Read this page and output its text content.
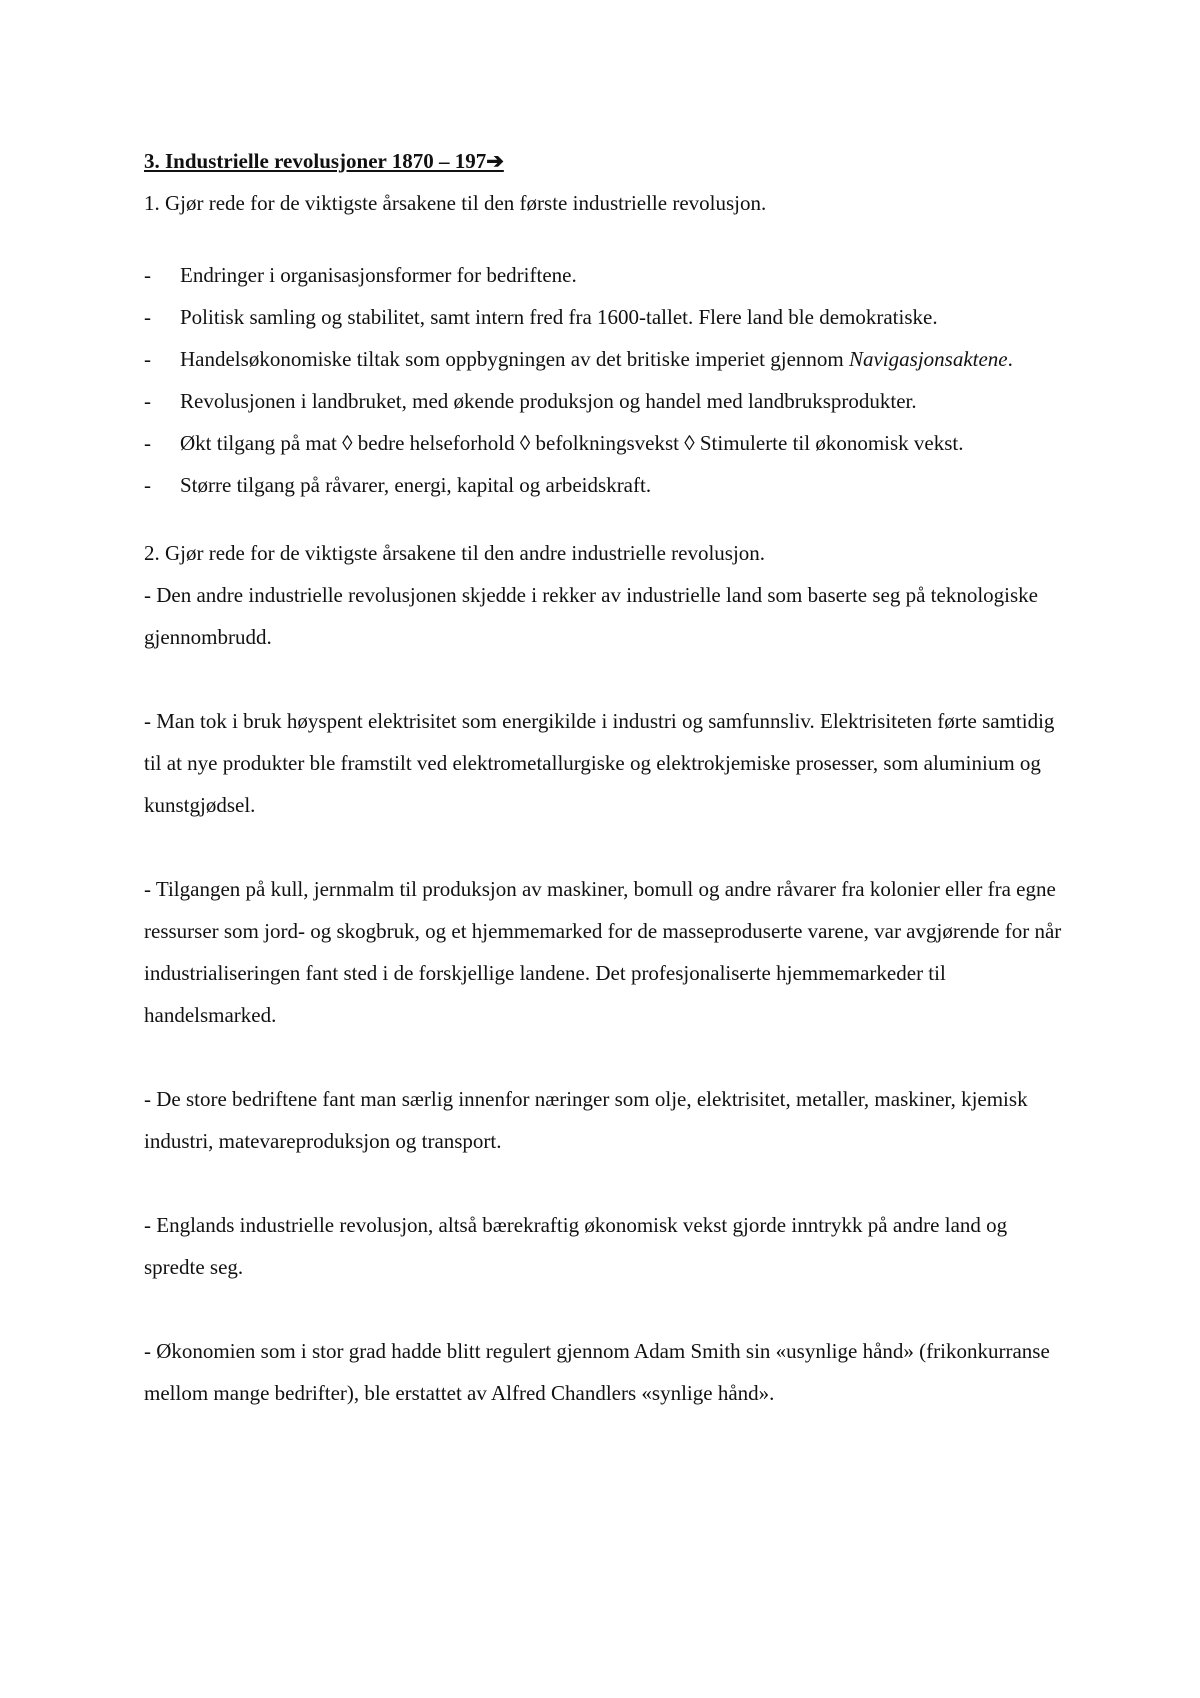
3. Industrielle revolusjoner 1870 – 197➔

1. Gjør rede for de viktigste årsakene til den første industrielle revolusjon.

- Endringer i organisasjonsformer for bedriftene.
- Politisk samling og stabilitet, samt intern fred fra 1600-tallet. Flere land ble demokratiske.
- Handelsøkonomiske tiltak som oppbygningen av det britiske imperiet gjennom Navigasjonsaktene.
- Revolusjonen i landbruket, med økende produksjon og handel med landbruksprodukter.
- Økt tilgang på mat ◊ bedre helseforhold ◊ befolkningsvekst ◊ Stimulerte til økonomisk vekst.
- Større tilgang på råvarer, energi, kapital og arbeidskraft.

2. Gjør rede for de viktigste årsakene til den andre industrielle revolusjon.

- Den andre industrielle revolusjonen skjedde i rekker av industrielle land som baserte seg på teknologiske gjennombrudd.

- Man tok i bruk høyspent elektrisitet som energikilde i industri og samfunnsliv. Elektrisiteten førte samtidig til at nye produkter ble framstilt ved elektrometallurgiske og elektrokjemiske prosesser, som aluminium og kunstgjødsel.

- Tilgangen på kull, jernmalm til produksjon av maskiner, bomull og andre råvarer fra kolonier eller fra egne ressurser som jord- og skogbruk, og et hjemmemarked for de masseproduserte varene, var avgjørende for når industrialiseringen fant sted i de forskjellige landene. Det profesjonaliserte hjemmemarkeder til handelsmarked.

- De store bedriftene fant man særlig innenfor næringer som olje, elektrisitet, metaller, maskiner, kjemisk industri, matevareproduksjon og transport.

- Englands industrielle revolusjon, altså bærekraftig økonomisk vekst gjorde inntrykk på andre land og spredte seg.

- Økonomien som i stor grad hadde blitt regulert gjennom Adam Smith sin «usynlige hånd» (frikonkurranse mellom mange bedrifter), ble erstattet av Alfred Chandlers «synlige hånd».
